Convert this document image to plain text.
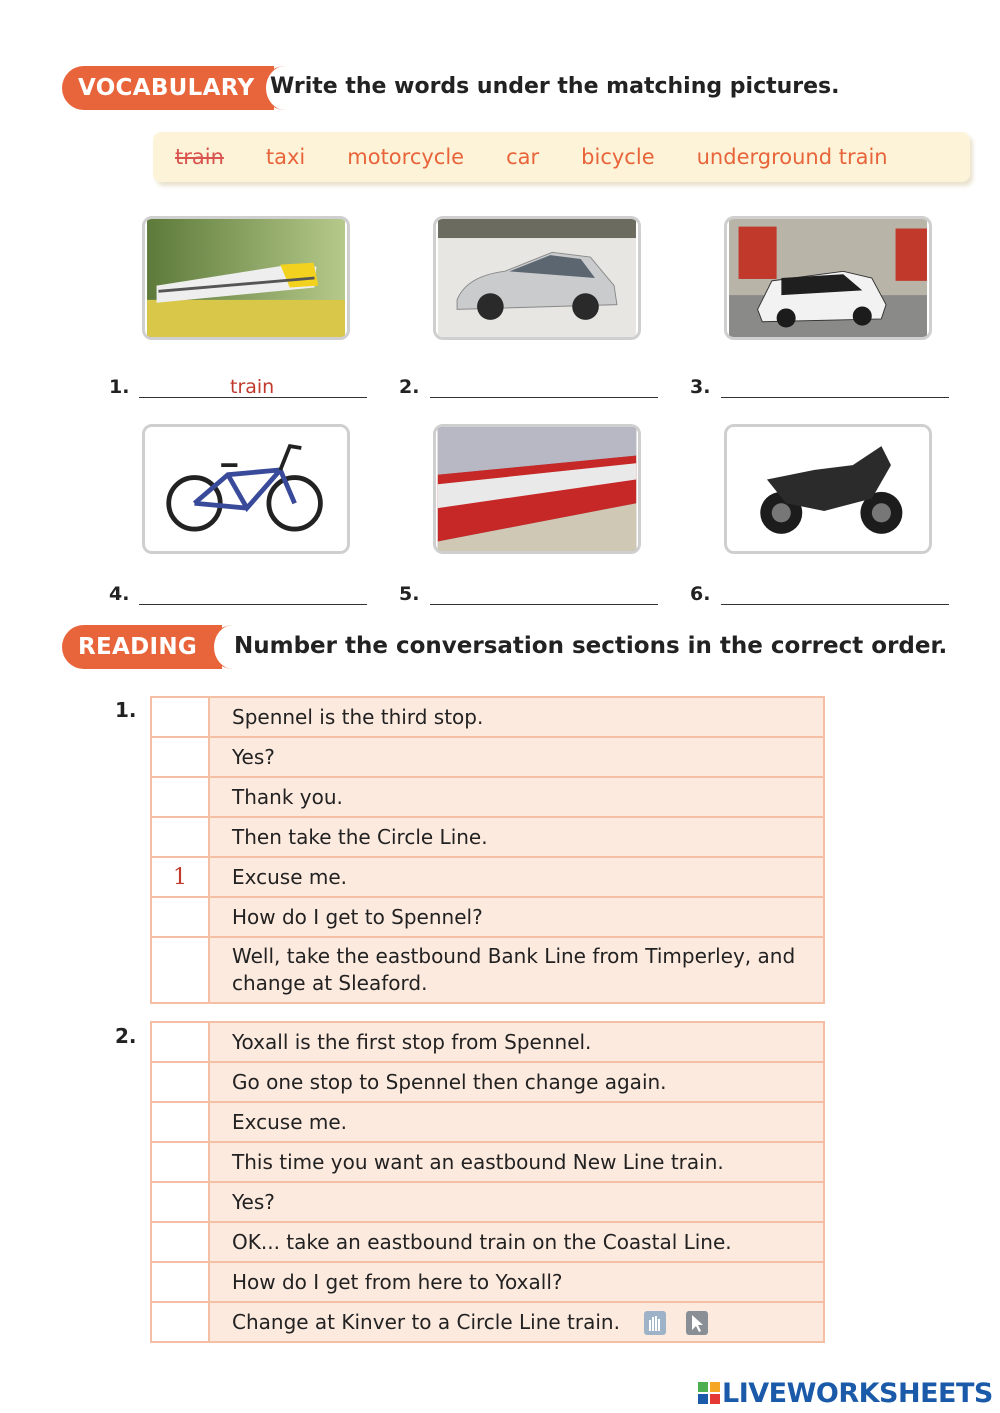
VOCABULARY Write the words under the matching pictures.
train taxi motorcycle car bicycle underground train
1.	train	2.	3.
4.	5.	6.
READING	Number the conversation sections in the correct order.
1.
		Spennel is the third stop.
	Yes?
	Thank you.
	Then take the Circle Line.
1	Excuse me.
	How do I get to Spennel?
	Well, take the eastbound Bank Line from Timperley, and change at Sleaford.
2.
		Yoxall is the first stop from Spennel.
	Go one stop to Spennel then change again.
	Excuse me.
	This time you want an eastbound New Line train.
	Yes?
	OK... take an eastbound train on the Coastal Line.
	How do I get from here to Yoxall?
	Change at Kinver to a Circle Line train.
LIVEWORKSHEETS
